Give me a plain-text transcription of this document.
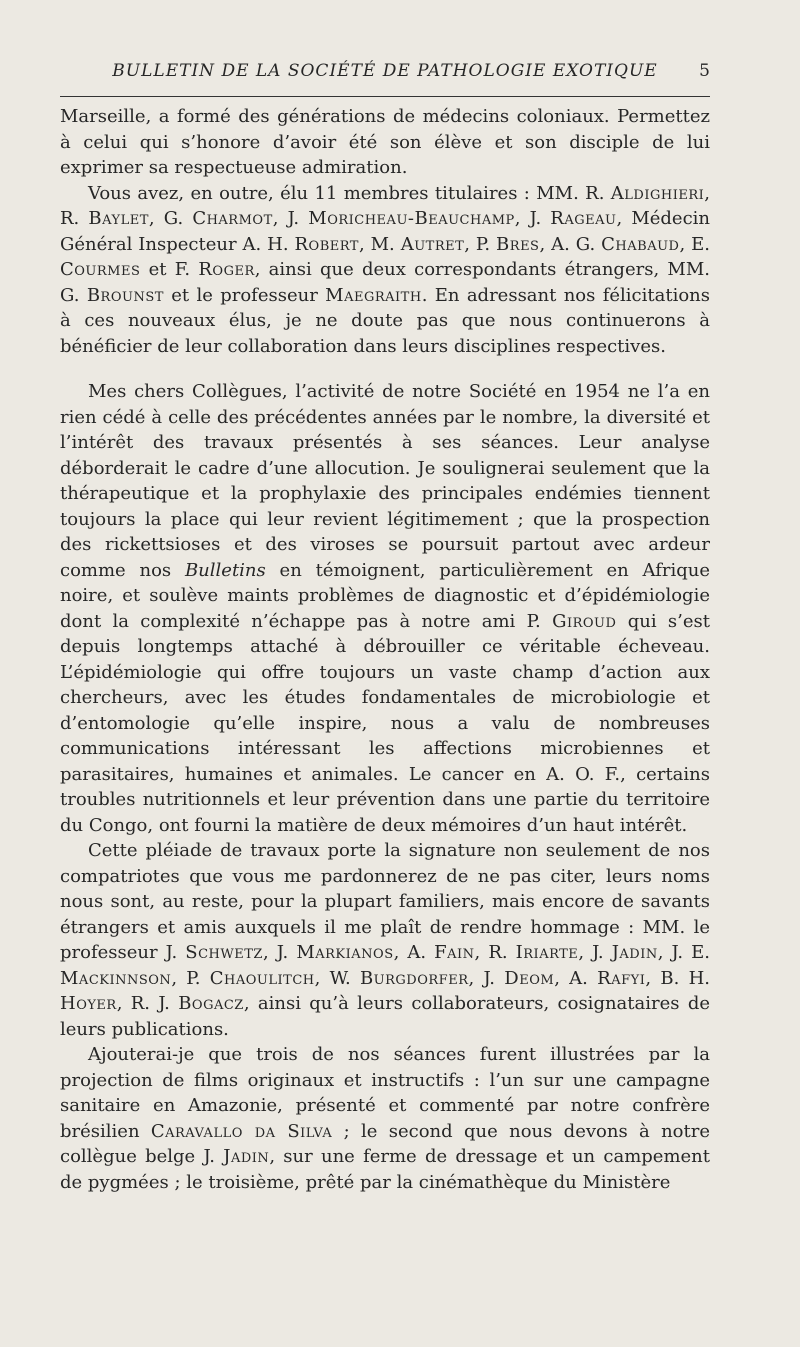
BULLETIN DE LA SOCIÉTÉ DE PATHOLOGIE EXOTIQUE	5

Marseille, a formé des générations de médecins coloniaux. Permettez à celui qui s’honore d’avoir été son élève et son disciple de lui exprimer sa respectueuse admiration.

Vous avez, en outre, élu 11 membres titulaires : MM. R. Aldighieri, R. Baylet, G. Charmot, J. Moricheau-Beauchamp, J. Rageau, Médecin Général Inspecteur A. H. Robert, M. Autret, P. Bres, A. G. Chabaud, E. Courmes et F. Roger, ainsi que deux correspondants étrangers, MM. G. Brounst et le professeur Maegraith. En adressant nos félicitations à ces nouveaux élus, je ne doute pas que nous continuerons à bénéficier de leur collaboration dans leurs disciplines respectives.

Mes chers Collègues, l’activité de notre Société en 1954 ne l’a en rien cédé à celle des précédentes années par le nombre, la diversité et l’intérêt des travaux présentés à ses séances. Leur analyse déborderait le cadre d’une allocution. Je soulignerai seulement que la thérapeutique et la prophylaxie des principales endémies tiennent toujours la place qui leur revient légitimement ; que la prospection des rickettsioses et des viroses se poursuit partout avec ardeur comme nos Bulletins en témoignent, particulièrement en Afrique noire, et soulève maints problèmes de diagnostic et d’épidémiologie dont la complexité n’échappe pas à notre ami P. Giroud qui s’est depuis longtemps attaché à débrouiller ce véritable écheveau. L’épidémiologie qui offre toujours un vaste champ d’action aux chercheurs, avec les études fondamentales de microbiologie et d’entomologie qu’elle inspire, nous a valu de nombreuses communications intéressant les affections microbiennes et parasitaires, humaines et animales. Le cancer en A. O. F., certains troubles nutritionnels et leur prévention dans une partie du territoire du Congo, ont fourni la matière de deux mémoires d’un haut intérêt.

Cette pléiade de travaux porte la signature non seulement de nos compatriotes que vous me pardonnerez de ne pas citer, leurs noms nous sont, au reste, pour la plupart familiers, mais encore de savants étrangers et amis auxquels il me plaît de rendre hommage : MM. le professeur J. Schwetz, J. Markianos, A. Fain, R. Iriarte, J. Jadin, J. E. Mackinnson, P. Chaoulitch, W. Burgdorfer, J. Deom, A. Rafyi, B. H. Hoyer, R. J. Bogacz, ainsi qu’à leurs collaborateurs, cosignataires de leurs publications.

Ajouterai-je que trois de nos séances furent illustrées par la projection de films originaux et instructifs : l’un sur une campagne sanitaire en Amazonie, présenté et commenté par notre confrère brésilien Caravallo da Silva ; le second que nous devons à notre collègue belge J. Jadin, sur une ferme de dressage et un campement de pygmées ; le troisième, prêté par la cinémathèque du Ministère
